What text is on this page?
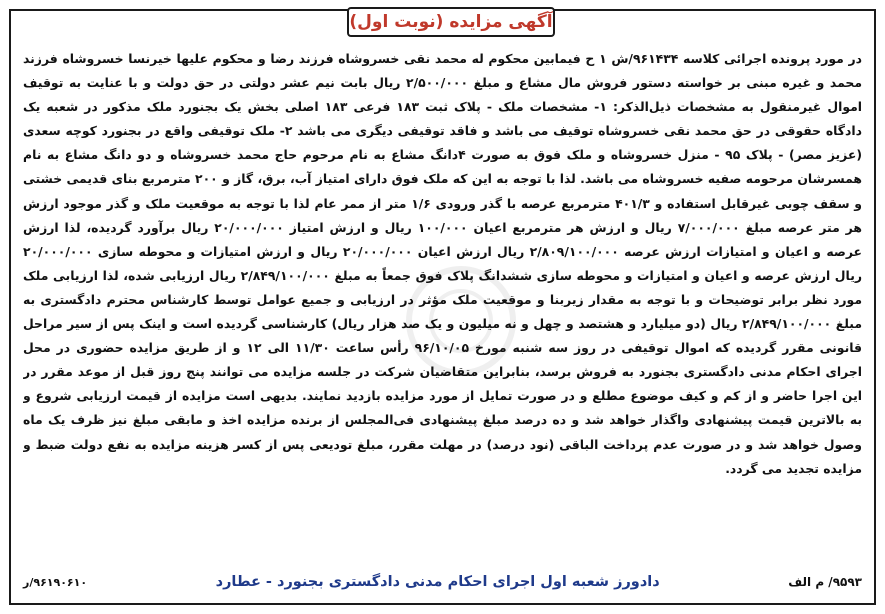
آگهی مزایده (نوبت اول)

در مورد پرونده اجرائی کلاسه ۹۶۱۴۳۴/ش ۱ ح فیمابین محکوم له محمد نقی خسروشاه فرزند رضا و محکوم علیها خیرنسا خسروشاه فرزند محمد و غیره مبنی بر خواسته دستور فروش مال مشاع و مبلغ ۲/۵۰۰/۰۰۰ ریال بابت نیم عشر دولتی در حق دولت و با عنایت به توقیف اموال غیرمنقول به مشخصات ذیل‌الذکر: ۱- مشخصات ملک - پلاک ثبت ۱۸۳ فرعی ۱۸۳ اصلی بخش یک بجنورد ملک مذکور در شعبه یک دادگاه حقوقی در حق محمد نقی خسروشاه توقیف می باشد و فاقد توقیفی دیگری می باشد ۲- ملک توقیفی واقع در بجنورد کوچه سعدی (عزیز مصر) - پلاک ۹۵ - منزل خسروشاه و ملک فوق به صورت ۴دانگ مشاع به نام مرحوم حاج محمد خسروشاه و دو دانگ مشاع به نام همسرشان مرحومه صفیه خسروشاه می باشد. لذا با توجه به این که ملک فوق دارای امتیاز آب، برق، گاز و ۲۰۰ مترمربع بنای قدیمی خشتی و سقف چوبی غیرقابل استفاده و ۴۰۱/۳ مترمربع عرصه با گذر ورودی ۱/۶ متر از ممر عام لذا با توجه به موقعیت ملک و گذر موجود ارزش هر متر عرصه مبلغ ۷/۰۰۰/۰۰۰ ریال و ارزش هر مترمربع اعیان ۱۰۰/۰۰۰ ریال و ارزش امتیاز ۲۰/۰۰۰/۰۰۰ ریال برآورد گردیده، لذا ارزش عرصه و اعیان و امتیازات ارزش عرصه ۲/۸۰۹/۱۰۰/۰۰۰ ریال ارزش اعیان ۲۰/۰۰۰/۰۰۰ ریال و ارزش امتیازات و محوطه سازی ۲۰/۰۰۰/۰۰۰ ریال ارزش عرصه و اعیان و امتیازات و محوطه سازی ششدانگ پلاک فوق جمعاً به مبلغ ۲/۸۴۹/۱۰۰/۰۰۰ ریال ارزیابی شده، لذا ارزیابی ملک مورد نظر برابر توضیحات و با توجه به مقدار زیربنا و موقعیت ملک مؤثر در ارزیابی و جمیع عوامل توسط کارشناس محترم دادگستری به مبلغ ۲/۸۴۹/۱۰۰/۰۰۰ ریال (دو میلیارد و هشتصد و چهل و نه میلیون و یک صد هزار ریال) کارشناسی گردیده است و اینک پس از سیر مراحل قانونی مقرر گردیده که اموال توقیفی در روز سه شنبه مورخ ۹۶/۱۰/۰۵ رأس ساعت ۱۱/۳۰ الی ۱۲ و از طریق مزایده حضوری در محل اجرای احکام مدنی دادگستری بجنورد به فروش برسد، بنابراین متقاضیان شرکت در جلسه مزایده می توانند پنج روز قبل از موعد مقرر در این اجرا حاضر و از کم و کیف موضوع مطلع و در صورت تمایل از مورد مزایده بازدید نمایند. بدیهی است مزایده از قیمت ارزیابی شروع و به بالاترین قیمت پیشنهادی واگذار خواهد شد و ده درصد مبلغ پیشنهادی فی‌المجلس از برنده مزایده اخذ و مابقی مبلغ نیز ظرف یک ماه وصول خواهد شد و در صورت عدم پرداخت الباقی (نود درصد) در مهلت مقرر، مبلغ تودیعی پس از کسر هزینه مزایده به نفع دولت ضبط و مزایده تجدید می گردد.

۹۶۱۹۰۶۱۰/ر	دادورز شعبه اول اجرای احکام مدنی دادگستری بجنورد - عطارد	۹۵۹۳/ م الف
